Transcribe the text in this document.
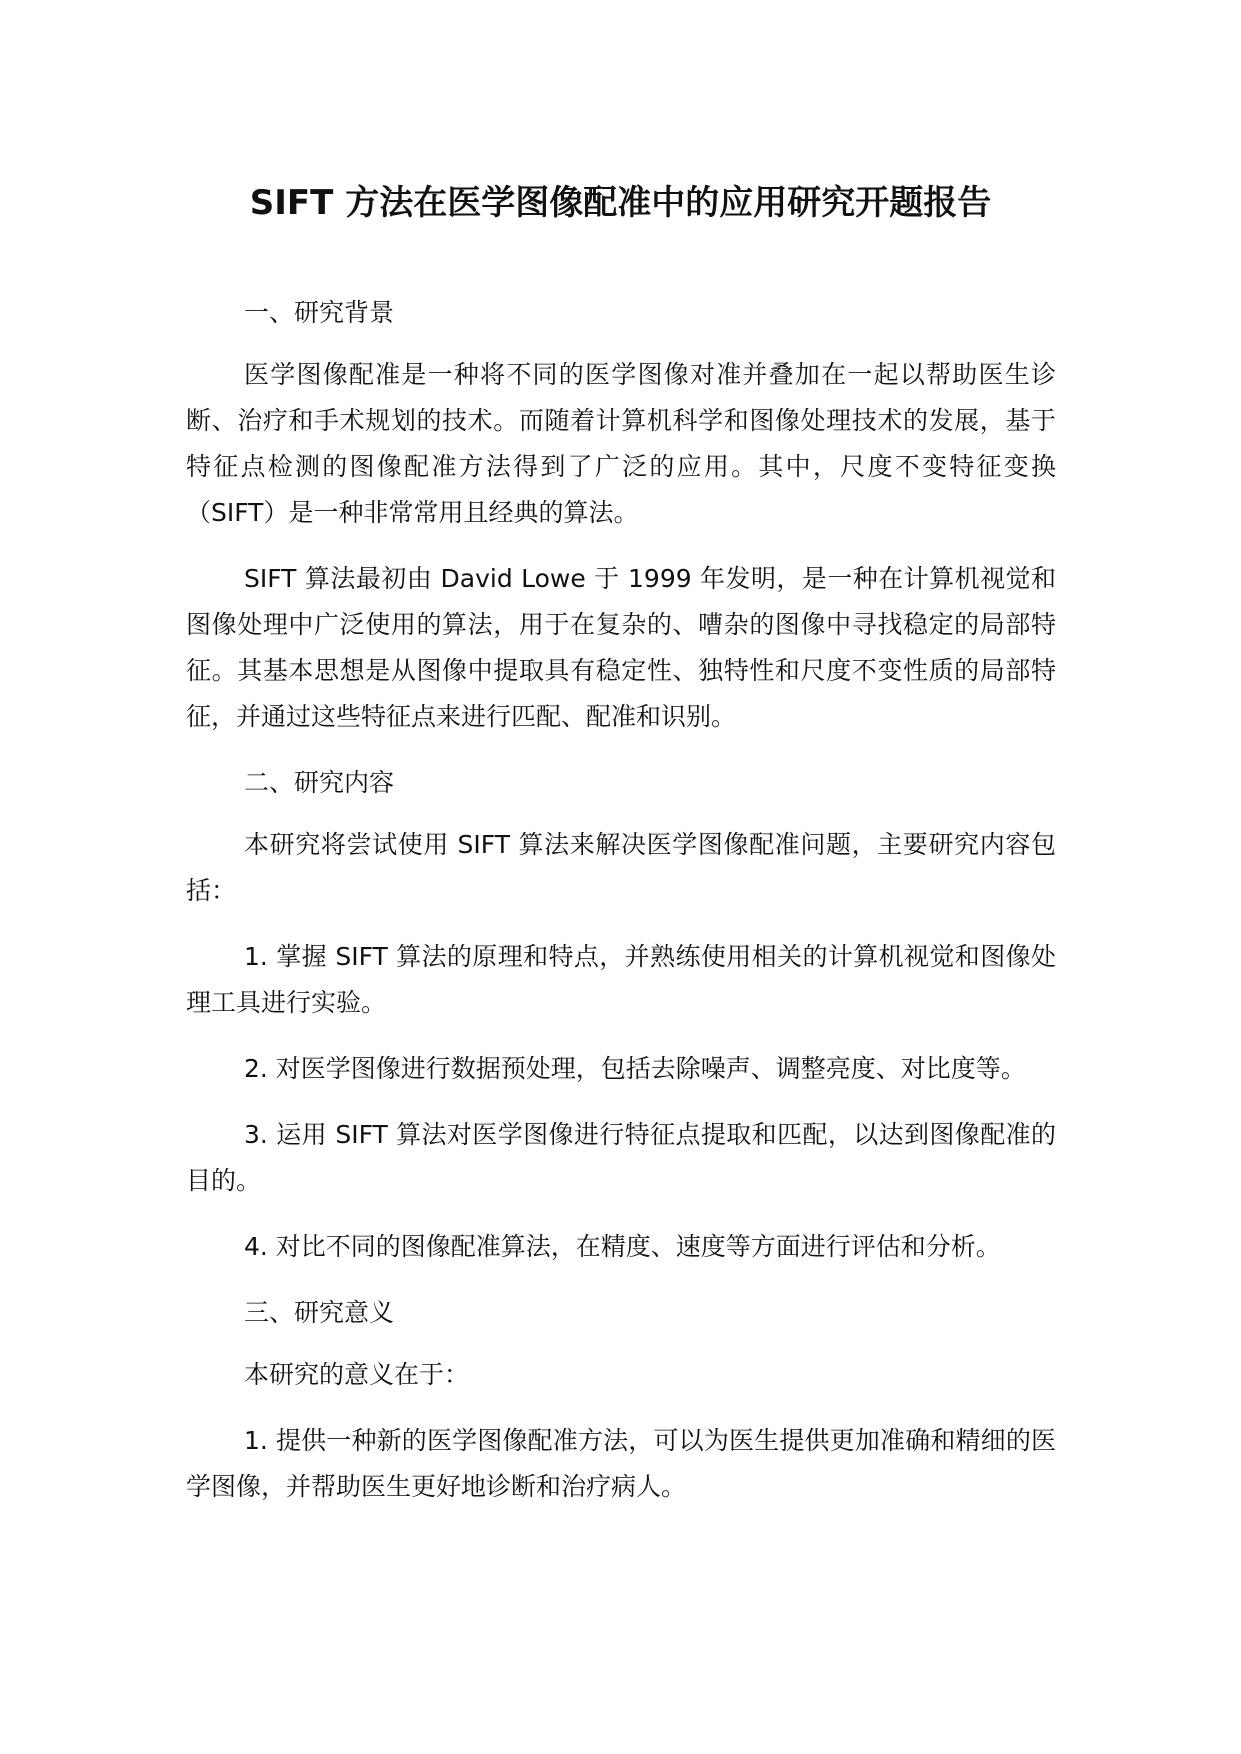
SIFT 方法在医学图像配准中的应用研究开题报告

一、研究背景

医学图像配准是一种将不同的医学图像对准并叠加在一起以帮助医生诊断、治疗和手术规划的技术。而随着计算机科学和图像处理技术的发展，基于特征点检测的图像配准方法得到了广泛的应用。其中，尺度不变特征变换（SIFT）是一种非常常用且经典的算法。

SIFT 算法最初由 David Lowe 于 1999 年发明，是一种在计算机视觉和图像处理中广泛使用的算法，用于在复杂的、嘈杂的图像中寻找稳定的局部特征。其基本思想是从图像中提取具有稳定性、独特性和尺度不变性质的局部特征，并通过这些特征点来进行匹配、配准和识别。

二、研究内容

本研究将尝试使用 SIFT 算法来解决医学图像配准问题，主要研究内容包括：

1. 掌握 SIFT 算法的原理和特点，并熟练使用相关的计算机视觉和图像处理工具进行实验。

2. 对医学图像进行数据预处理，包括去除噪声、调整亮度、对比度等。

3. 运用 SIFT 算法对医学图像进行特征点提取和匹配，以达到图像配准的目的。

4. 对比不同的图像配准算法，在精度、速度等方面进行评估和分析。

三、研究意义

本研究的意义在于：

1. 提供一种新的医学图像配准方法，可以为医生提供更加准确和精细的医学图像，并帮助医生更好地诊断和治疗病人。
